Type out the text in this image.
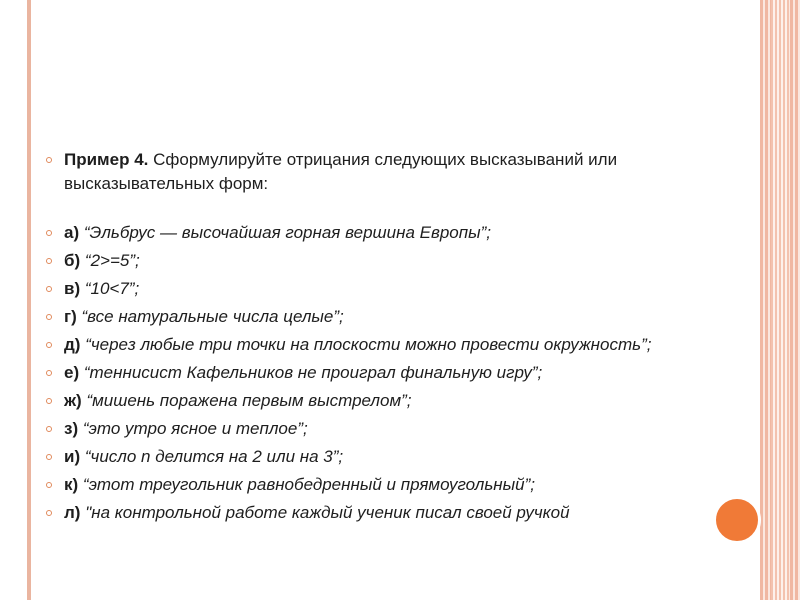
Пример 4. Сформулируйте отрицания следующих высказываний или высказывательных форм:
а) “Эльбрус — высочайшая горная вершина Европы”;
б) “2>=5”;
в) “10<7”;
г) “все натуральные числа целые”;
д) “через любые три точки на плоскости можно провести окружность”;
е) “теннисист Кафельников не проиграл финальную игру”;
ж) “мишень поражена первым выстрелом”;
з) “это утро ясное и теплое”;
и) “число n делится на 2 или на 3”;
к) “этот треугольник равнобедренный и прямоугольный”;
л) "на контрольной работе каждый ученик писал своей ручкой
